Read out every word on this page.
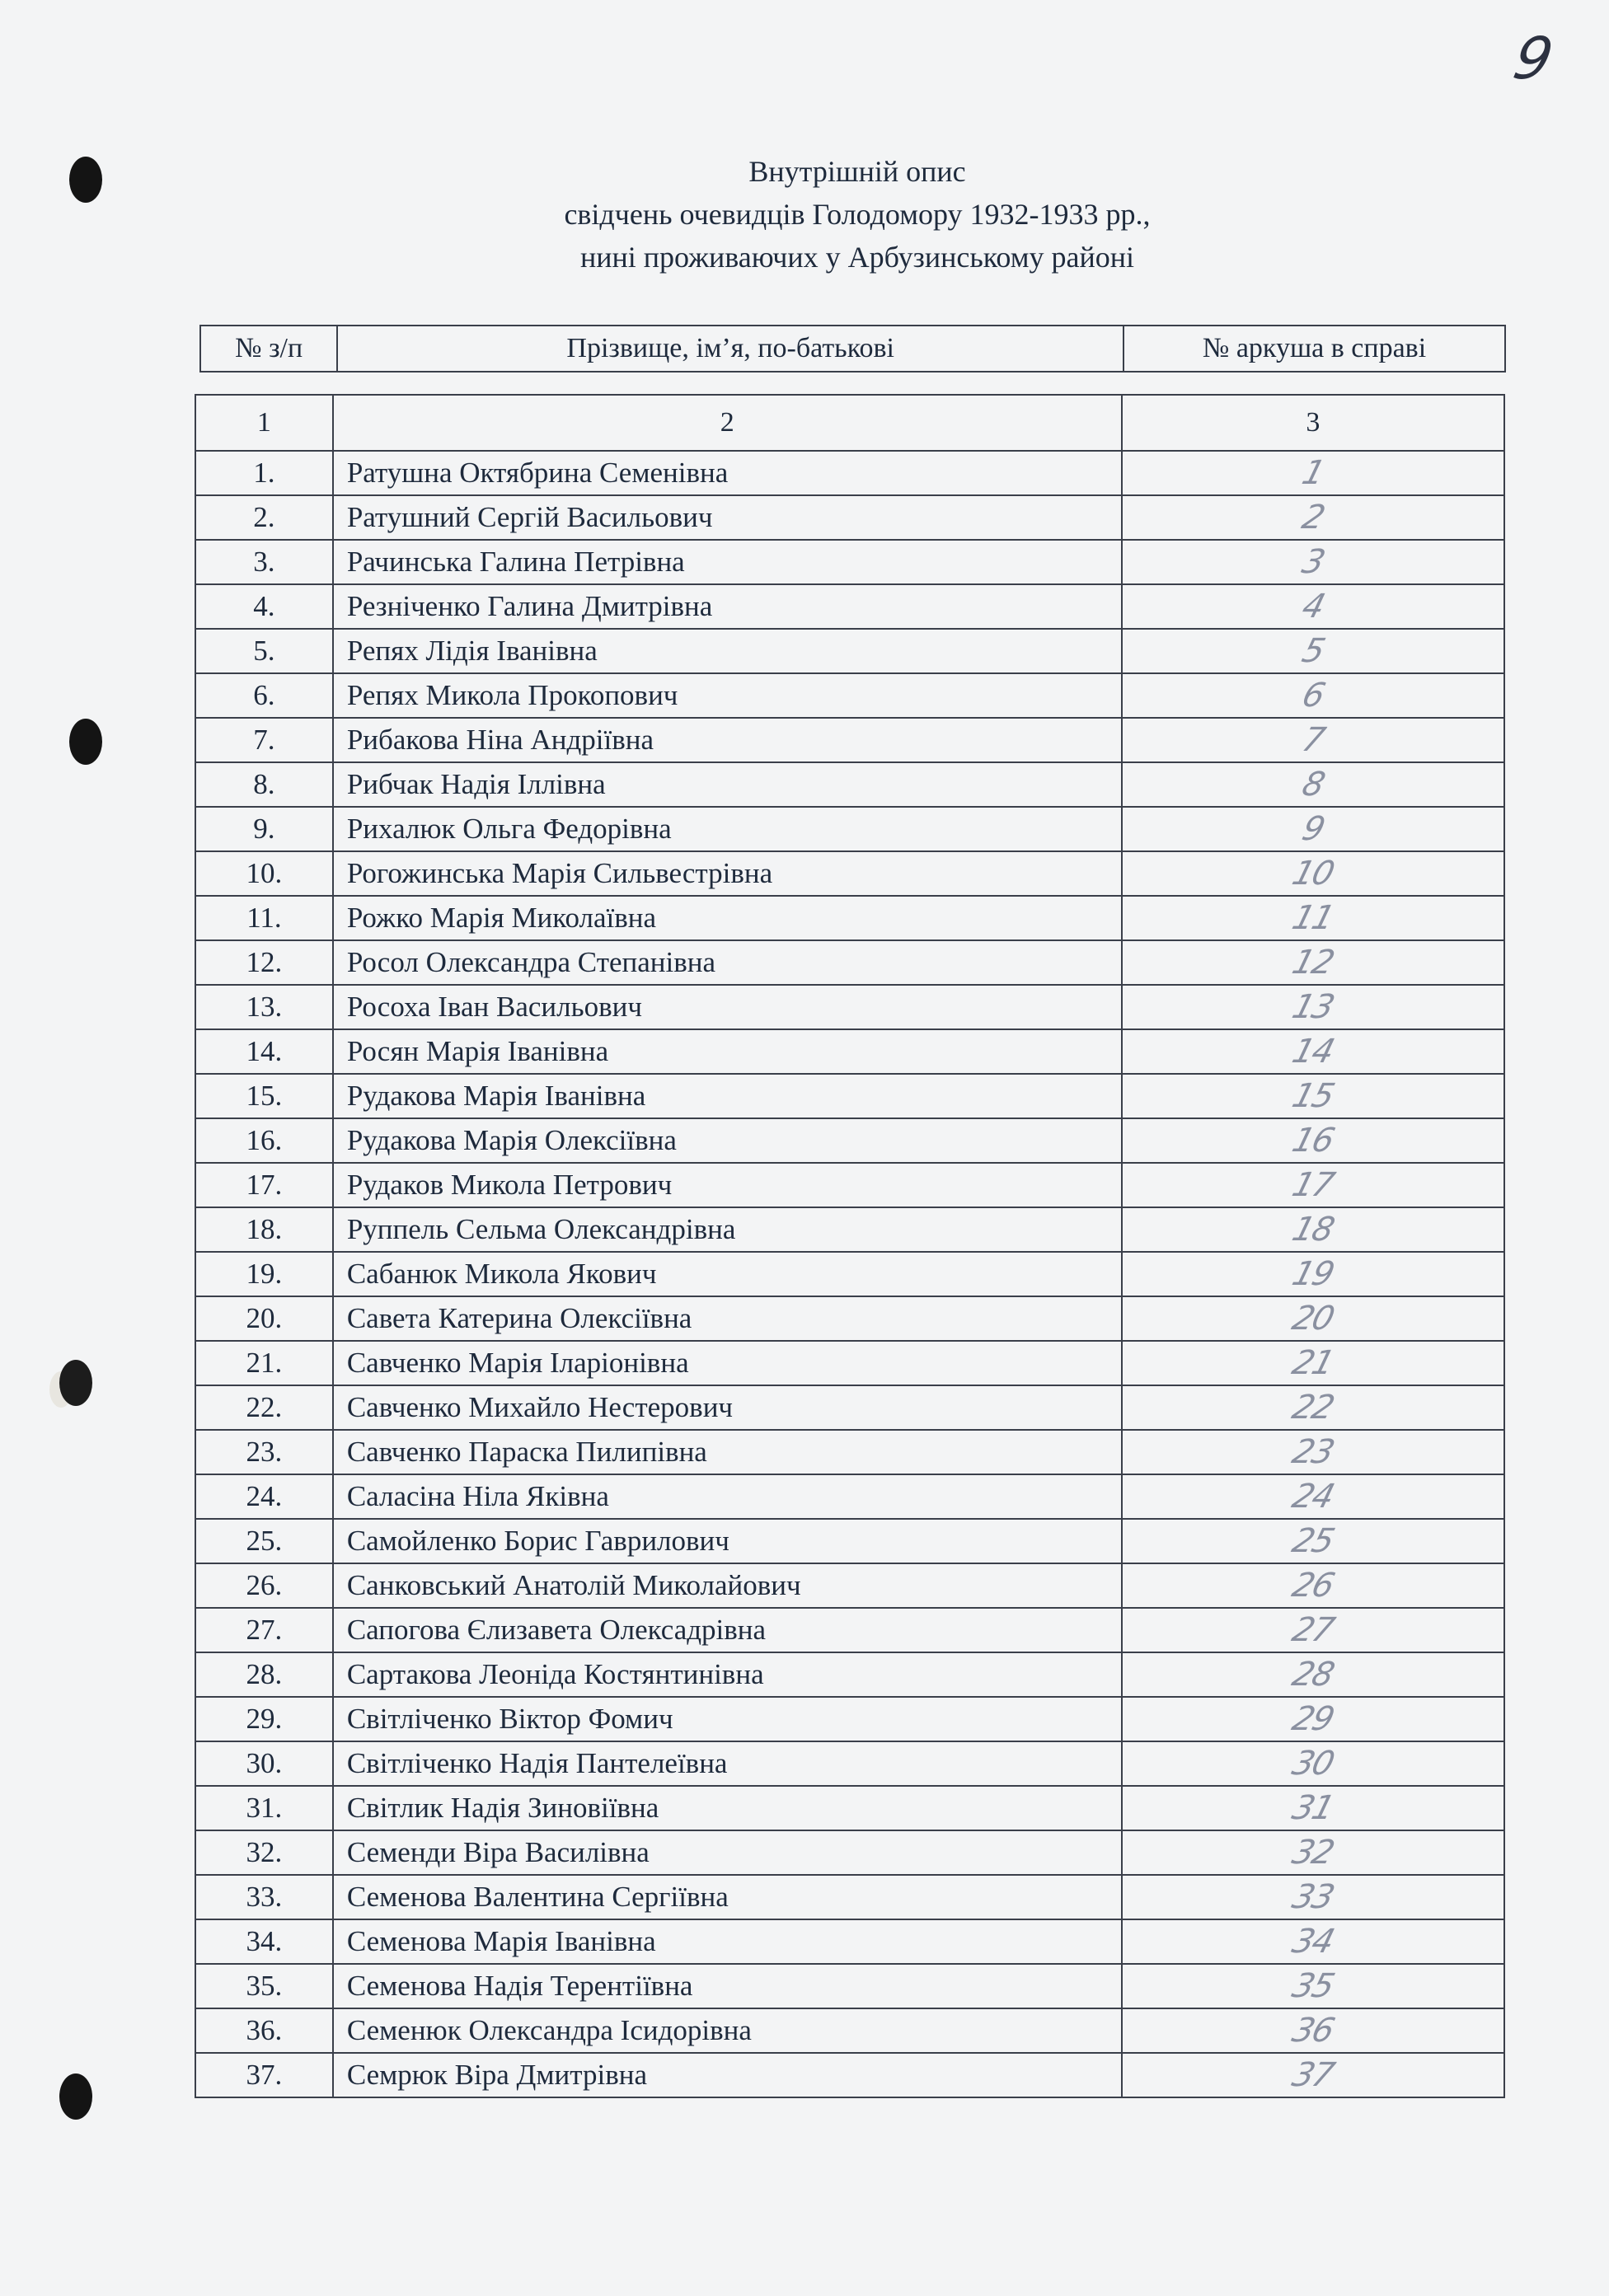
9
Внутрішній опис
свідчень очевидців Голодомору 1932-1933 рр.,
нині проживаючих у Арбузинському районі
№ з/п	Прізвище, ім’я, по-батькові	№ аркуша в справі
1	2	3
1.	Ратушна Октябрина Семенівна	1
2.	Ратушний Сергій Васильович	2
3.	Рачинська Галина Петрівна	3
4.	Резніченко Галина Дмитрівна	4
5.	Репях Лідія Іванівна	5
6.	Репях Микола Прокопович	6
7.	Рибакова Ніна Андріївна	7
8.	Рибчак Надія Іллівна	8
9.	Рихалюк Ольга Федорівна	9
10.	Рогожинська Марія Сильвестрівна	10
11.	Рожко Марія Миколаївна	11
12.	Росол Олександра Степанівна	12
13.	Росоха Іван Васильович	13
14.	Росян Марія Іванівна	14
15.	Рудакова Марія Іванівна	15
16.	Рудакова Марія Олексіївна	16
17.	Рудаков Микола Петрович	17
18.	Руппель Сельма Олександрівна	18
19.	Сабанюк Микола Якович	19
20.	Савета Катерина Олексіївна	20
21.	Савченко Марія Іларіонівна	21
22.	Савченко Михайло Нестерович	22
23.	Савченко Параска Пилипівна	23
24.	Саласіна Ніла Яківна	24
25.	Самойленко Борис Гаврилович	25
26.	Санковський Анатолій Миколайович	26
27.	Сапогова Єлизавета Олексадрівна	27
28.	Сартакова Леоніда Костянтинівна	28
29.	Світліченко Віктор Фомич	29
30.	Світліченко Надія Пантелеївна	30
31.	Світлик Надія Зиновіївна	31
32.	Семенди Віра Василівна	32
33.	Семенова Валентина Сергіївна	33
34.	Семенова Марія Іванівна	34
35.	Семенова Надія Терентіївна	35
36.	Семенюк Олександра Ісидорівна	36
37.	Семрюк Віра Дмитрівна	37
